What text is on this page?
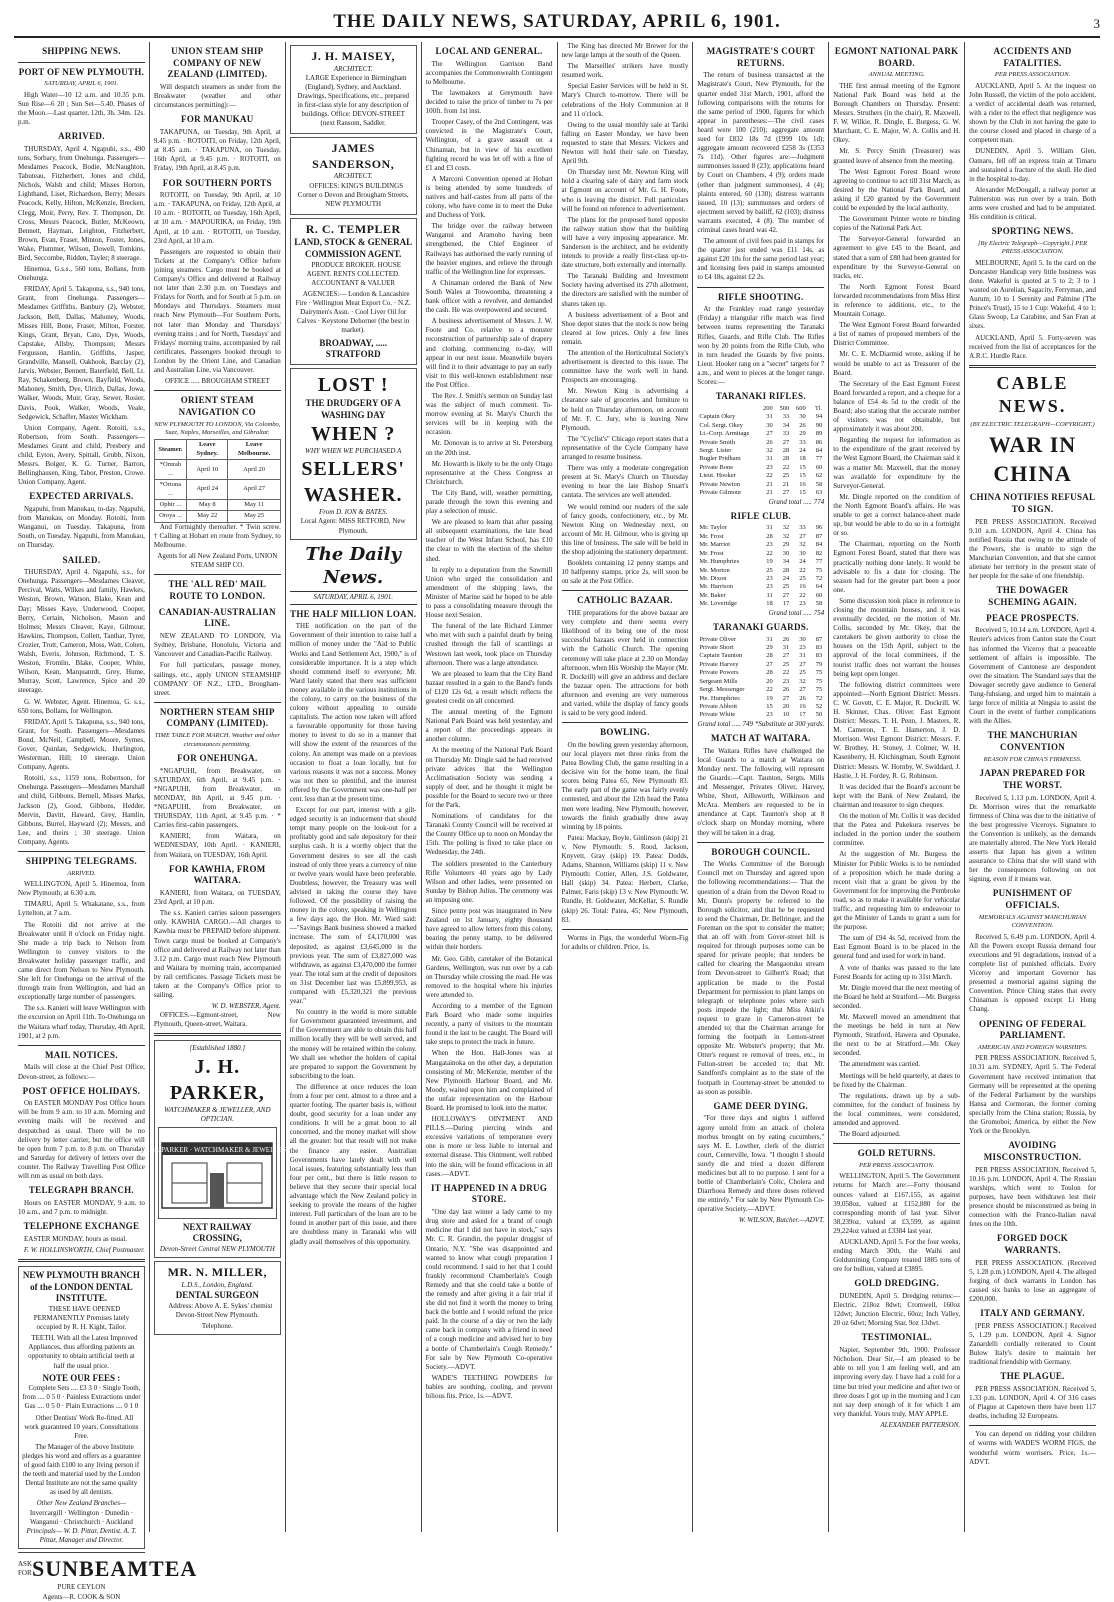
THE DAILY NEWS, SATURDAY, APRIL 6, 1901.	3
SHIPPING NEWS.
PORT OF NEW PLYMOUTH.
SATURDAY, APRIL 6, 1901.

High Water—10 12 a.m. and 10.35 p.m. Sun Rise—6 20 ; Sun Set—5.40. Phases of the Moon.—Last quarter, 12th, 3h. 34m. 12s. p.m.

ARRIVED.

THURSDAY, April 4. Ngapuhi, s.s., 490 tons, Sorbary, from Onehunga. Passengers—Mesdames Peacock, Bodie, McNaughton, Tabuteau, Fitzherbert, Jones and child, Nichols, Walsh and child; Misses Horton, Lighthand, Liset, Richardson, Berry; Messrs Peacock, Kelly, Hilton, McKenzie, Brecken, Clegg, Moir, Perry, Rev. T. Thompson, Dr. Cross, Messrs Peacock, Butler, McKeown, Bennett, Hayman, Leighton, Fitzherbert, Brown, Evan, Fraser, Minton, Foster, Jones, Wake, Plummer, Wilson, Dowell, Tomkins, Bird, Seccombe, Ridden, Tayler; 8 steerage.

Hinemoa, G.s.s., 560 tons, Bollans, from Onehunga.

FRIDAY, April 5. Takapuna, s.s., 940 tons, Grant, from Onehunga. Passengers—Mesdames Griffiths, Banbury (2), Webster, Jackson, Bell, Dallas, Mahoney, Woods, Misses Hill, Bone, Fraser, Milton, Forster, Kings, Grant, Bryan, Cato, Dye, Woods, Capstake, Allsby, Thompson; Messrs Fergusson, Hamlin, Griffiths, Jasper, Grandville, Mansell, Oakhook, Barclay (2), Jarvis, Webster, Bennett, Baterfield, Bell, Lt. Ray, Schakenberg, Brown, Bayfield, Woods, Mahoney, Smith, Dye, Ulrich, Dallas, Jowa, Walker, Woods, Muir, Gray, Sewer, Rosier, Davis, Pook, Walker, Woods, Veale, Sedgewick, Schaffer, Master Wickham.

Union Company, Agent. Rotoiti, s.s., Robertson, from South. Passengers—Mesdames Grant and child, Presbery and child, Eyton, Avery, Spittall, Grubb, Nixon, Messrs. Bolger, K. G. Turner, Barron, Bellinghausen, King, Tabor, Preston, Crowe. Union Company, Agent.

EXPECTED ARRIVALS.

Ngapuhi, from Manukau, to-day. Ngapuhi, from Manukau, on Monday. Rotoiti, from Wanganui, on Tuesday. Takapuna, from South, on Tuesday. Ngapuhi, from Manukau, on Thursday.

SAILED.

THURSDAY, April 4. Ngapuhi, s.s., for Onehunga. Passengers—Mesdames Cleaver, Percival, Watts, Wilkes and family, Hawkes, Weston, Brown, Watson, Blake, Kean and Day; Misses Kaye, Underwood, Cooper, Berry, Certain, Nicholson, Mason and Holmes; Messrs Cleaver, Kaye, Gilmour, Hawkins, Thompson, Collett, Tanthar, Tyrer, Crozier, Trott, Cameron, Moss, Watt, Cohen, Walsh, Everis, Johnson, Richmond, T. S. Weston, Fromlin, Blake, Cooper, White, Wilson, Kean, Marquanrdt, Grey, Hume, Murray, Scott, Lawrence, Spice and 20 steerage.

G. W. Webster, Agent. Hinemoa, G. s.s., 650 tons, Bollans, for Wellington.

FRIDAY, April 5. Takapuna, s.s., 940 tons, Grant, for South. Passengers—Mesdames Bond, McNeil, Campbell, Moore, Symes, Gover, Quinlan, Sedgewick, Hurlington, Westerman, Hill; 10 steerage. Union Company, Agents.

Rotoiti, s.s., 1159 tons, Robertson, for Onehunga. Passengers—Mesdames Marshall and child, Gibbons, Bernell, Misses Marks, Jackson (2), Good, Gibbons, Hedder, Mervin, Davitt, Haward, Grey, Hamlin, Gibbons, Burrel, Hayward (2); Messrs, and Lee, and theirs ; 30 steerage. Union Company, Agents.

SHIPPING TELEGRAMS.
ARRIVED.

WELLINGTON, April 5. Hinemoa, from New Plymouth, at 6.30 a.m.

TIMARU, April 5. Whakatane, s.s., from Lyttelton, at 7 a.m.

The Rotoiti did not arrive at the Breakwater until 8 o'clock on Friday night. She made a trip back to Nelson from Wellington to convey visitors to the Breakwater holiday passenger traffic, and came direct from Nelson to New Plymouth. She left for Onehunga on the arrival of the through train from Wellington, and had an exceptionally large number of passengers.

The s.s. Kanieri will leave Wellington with the excursion on April 11th. To-Onehunga on the Waitara wharf today, Thursday, 4th April, 1901, at 2 p.m.

MAIL NOTICES.

Mails will close at the Chief Post Office, Devon-street, as follows:—

POST OFFICE HOLIDAYS.

On EASTER MONDAY Post Office hours will be from 9 a.m. to 10 a.m. Morning and evening mails will be received and despatched as usual. There will be no delivery by letter carrier, but the office will be open from 7 p.m. to 8 p.m. on Thursday and Saturday for delivery of letters over the counter. The Railway Travelling Post Office will run as usual on both days.

TELEGRAPH BRANCH.

Hours on EASTER MONDAY, 9 a.m. to 10 a.m., and 7 p.m. to midnight.

TELEPHONE EXCHANGE

EASTER MONDAY, hours as usual.

F. W. HOLLINSWORTH, Chief Postmaster.
NEW PLYMOUTH BRANCH of the LONDON DENTAL INSTITUTE.

THESE HAVE OPENED PERMANENTLY Premises lately occupied by R. H. Kight, Tailor.

TEETH. With all the Latest Improved Appliances, thus affording patients an opportunity to obtain artificial teeth at half the usual price.

NOTE OUR FEES :

Complete Sets .... £3 3 0 · Single Tooth, from .... 0 5 0 · Painless Extractions under Gas .... 0 5 0 · Plain Extractions .... 0 1 0

Other Dentists' Work Re-fitted. All work guaranteed 10 years. Consultations Free.

The Manager of the above Institute pledges his word and offers as a guarantee of good faith £100 to any living person if the teeth and material used by the London Dental Institute are not the same quality as used by all dentists.

Other New Zealand Branches—
Invercargill · Wellington · Dunedin · Wanganui · Christchurch · Auckland
Principals— W. D. Pittar, Dentist. A. T. Pittar, Manager and Director.
ASK FOR SUNBEAM TEA
PURE CEYLON
Agents—R. COOK & SON
UNION STEAM SHIP COMPANY OF NEW ZEALAND (LIMITED).

Will despatch steamers as under from the Breakwater (weather and other circumstances permitting):—

FOR MANUKAU

TAKAPUNA, on Tuesday, 9th April, at 9.45 p.m. · ROTOITI, on Friday, 12th April, at 8.45 a.m. · TAKAPUNA, on Tuesday, 16th April, at 9.45 p.m. · ROTOITI, on Friday, 19th April, at 8.45 p.m.

FOR SOUTHERN PORTS

ROTOITI, on Tuesday, 9th April, at 10 a.m. · TAKAPUNA, on Friday, 12th April, at 10 a.m. · ROTOITI, on Tuesday, 16th April, at 10 a.m. · MAPOURIKA, on Friday, 19th April, at 10 a.m. · ROTOITI, on Tuesday, 23rd April, at 10 a.m.

Passengers are requested to obtain their Tickets at the Company's Office before joining steamers. Cargo must be booked at Company's Office and delivered at Railway not later than 2.30 p.m. on Tuesdays and Fridays for North, and for South at 5 p.m. on Mondays and Thursdays. Steamers must reach New Plymouth—For Southern Ports, not later than Monday and Thursdays' evening trains ; and for North, Tuesdays' and Fridays' morning trains, accompanied by rail certificates. Passengers booked through to London by the Orient Line, and Canadian and Australian Line, via Vancouver.

OFFICE ..... BROUGHAM STREET
ORIENT STEAM NAVIGATION CO
NEW PLYMOUTH TO LONDON, Via Colombo, Suez, Naples, Marseilles, and Gibraltar.
Steamer.	Leave Sydney.	Leave Melbourne.
*Omrah ...	April 10	April 20
*Ortona ...	April 24	April 27
Ophir ...	May 8	May 11
Oroya ...	May 22	May 25

And Fortnightly thereafter. * Twin screw. † Calling at Hobart en route from Sydney, to Melbourne.

Agents for all New Zealand Ports, UNION STEAM SHIP CO.
THE 'ALL RED' MAIL ROUTE TO LONDON.
CANADIAN-AUSTRALIAN LINE.

NEW ZEALAND TO LONDON, Via Sydney, Brisbane, Honolulu, Victoria and Vancouver and Canadian-Pacific Railway.

For full particulars, passage money, sailings, etc., apply UNION STEAMSHIP COMPANY OF N.Z., LTD., Brougham-street.

NORTHERN STEAM SHIP COMPANY (LIMITED).
TIME TABLE FOR MARCH. Weather and other circumstances permitting.
FOR ONEHUNGA.

*NGAPUHI, from Breakwater, on SATURDAY, 6th April, at 9.45 p.m. · *NGAPUHI, from Breakwater, on MONDAY, 8th April, at 9.45 p.m. · *NGAPUHI, from Breakwater, on THURSDAY, 11th April, at 9.45 p.m. · * Carries first-cabin passengers.

KANIERI, from Waitara, on WEDNESDAY, 10th April. · KANIERI, from Waitara, on TUESDAY, 16th April.

FOR KAWHIA, FROM WAITARA.

KANIERI, from Waitara, on TUESDAY, 23rd April, at 10 p.m.

The s.s. Kanieri carries saloon passengers only. KAWHIA CARGO.—All charges to Kawhia must be PREPAID before shipment. Town cargo must be booked at Company's office and delivered at Railway not later than 3.12 p.m. Cargo must reach New Plymouth and Waitara by morning train, accompanied by rail certificates. Passage Tickets must be taken at the Company's Office prior to sailing.

W. D. WEBSTER, Agent.

OFFICES.—Egmont-street, New Plymouth, Queen-street, Waitara.

[Established 1880.]
J. H. PARKER,
WATCHMAKER & JEWELLER, AND OPTICIAN.
J. H. PARKER · WATCHMAKER & JEWELLER
NEXT RAILWAY CROSSING,
Devon-Street Central NEW PLYMOUTH
MR. N. MILLER,
L.D.S., London, England.
DENTAL SURGEON

Address: Above A. E. Sykes' chemist Devon-Street New Plymouth.

Telephone.
J. H. MAISEY,
ARCHITECT.

LARGE Experience in Birmingham (England), Sydney, and Auckland. Drawings, Specifications, etc., prepared in first-class style for any description of buildings. Office: DEVON-STREET (next Ransom, Saddler.

JAMES SANDERSON,
ARCHITECT.

OFFICES: KING'S BUILDINGS Corner o Devon and Brougham Streets, NEW PLYMOUTH

R. C. TEMPLER
LAND, STOCK & GENERAL COMMISSION AGENT.

PRODUCE BROKER. HOUSE AGENT. RENTS COLLECTED. ACCOUNTANT & VALUER

AGENCIES:— London & Lancashire Fire · Wellington Meat Export Co. · N.Z. Dairymen's Assn. · Cool Liver Oil for Calves · Keystone Dehorner (the best in market).

BROADWAY, ..... STRATFORD
LOST !
THE DRUDGERY OF A WASHING DAY
WHEN ?
WHY WHEN WE PURCHASED A
SELLERS'
WASHER.
From D. ION & BATES.
Local Agent: MISS RETFORD, New Plymouth.
The Daily News.
SATURDAY, APRIL 6, 1901.
THE HALF MILLION LOAN.

THE notification on the part of the Government of their intention to raise half a million of money under the "Aid to Public Works and Land Settlement Act, 1900," is of considerable importance. It is a step which should commend itself to everyone; Mr. Ward lately stated that there was sufficient money available in the various institutions in the colony, to carry on the business of the colony without appealing to outside capitalists. The action now taken will afford a favourable opportunity for those having money to invest to do so in a manner that will show the extent of the resources of the colony. An attempt was made on a previous occasion to float a loan locally, but for various reasons it was not a success. Money was not then so plentiful, and the interest offered by the Government was one-half per cent. less than at the present time.

Except for our part, interest with a gilt-edged security is an inducement that should tempt many people on the look-out for a profitably good and safe depository for their surplus cash. It is a worthy object that the Government desires to see all the cash instead of only three years a currency of nine or twelve years would have been preferable. Doubtless, however, the Treasury was well advised in taking the course they have followed. Of the possibility of raising the money in the colony, speaking in Wellington a few days ago, the Hon. Mr. Ward said:—"Savings Bank business showed a marked increase. The sum of £4,170,000 was deposited, as against £3,645,000 in the previous year. The sum of £3,827,000 was withdrawn, as against £3,470,000 the former year. The total sum at the credit of depositors on 31st December last was £5,899,953, as compared with £5,320,321 the previous year."

No country in the world is more suitable for Government guaranteed investment, and if the Government are able to obtain this half million locally they will be well served, and the money will be retained within the colony. We shall see whether the holders of capital are prepared to support the Government by subscribing to the loan.

The difference at once reduces the loan from a four per cent. almost to a three and a quarter footing. The quarter basis is, without doubt, good security for a loan under any conditions. It will be a great boon to all concerned, and the money market will show all the greater: but that result will not make the finance any easier. Australian Governments have lately dealt with well local issues, featuring substantially less than four per cent., but there is little reason to believe that they secure their special local advantage which the New Zealand policy in seeking to provide the means of the higher interest. Full particulars of the loan are to be found in another part of this issue, and there are doubtless many in Taranaki who will gladly avail themselves of this opportunity.

LOCAL AND GENERAL.

The Wellington Garrison Band accompanies the Commonwealth Contingent to Melbourne.

The lawmakers at Greymouth have decided to raise the price of timber to 7s per 100ft. from 1st inst.

Trooper Casey, of the 2nd Contingent, was convicted in the Magistrate's Court, Wellington, of a grave assault on a Chinaman, but in view of his excellent fighting record he was let off with a fine of £1 and £3 costs.

A Marconi Convention opened at Hobart is being attended by some hundreds of natives and half-castes from all parts of the colony, who have come in to meet the Duke and Duchess of York.

The bridge over the railway between Wanganui and Aramoho having been strengthened, the Chief Engineer of Railways has authorised the early running of the heavier engines, and relieve the through traffic of the Wellington line for expresses.

A Chinaman ordered the Bank of New South Wales at Toowoomba, threatening a bank officer with a revolver, and demanded the cash. He was overpowered and secured.

A business advertisement of Messrs. J. W. Foote and Co. relative to a monster reconstruction of partnership sale of drapery and clothing, commencing to-day, will appear in our next issue. Meanwhile buyers will find it to their advantage to pay an early visit to this well-known establishment near the Post Office.

The Rev. J. Smith's sermon on Sunday last was the subject of much comment. To-morrow evening at St. Mary's Church the services will be in keeping with the occasion.

Mr. Donovan is to arrive at St. Petersburg on the 20th inst.

Mr. Howarth is likely to be the only Otago representative at the Chess Congress at Christchurch.

The City Band, will, weather permitting, parade through the town this evening and play a selection of music.

We are pleased to learn that after passing all subsequent examinations, the late head teacher of the West Infant School, has £10 the clear to with the election of the shelter shed.

In reply to a deputation from the Sawmill Union who urged the consolidation and amendment of the shipping laws, the Minister of Marine said he hoped to be able to pass a consolidating measure through the House next Session.

The funeral of the late Richard Limmer who met with such a painful death by being crushed through the fall of scantlings at Westown last week, took place on Thursday afternoon. There was a large attendance.

We are pleased to learn that the City Band bazaar resulted in a gain to the Band's funds of £120 12s 6d, a result which reflects the greatest credit on all concerned.

The annual meeting of the Egmont National Park Board was held yesterday, and a report of the proceedings appears in another column.

At the meeting of the National Park Board on Thursday Mr. Dingle said he had received private advices that the Wellington Acclimatisation Society was sending a supply of deer, and he thought it might be possible for the Board to secure two or three for the Park.

Nominations of candidates for the Taranaki County Council will be received at the County Office up to noon on Monday the 15th. The polling is fixed to take place on Wednesday, the 24th.

The soldiers presented to the Canterbury Rifle Volunteers 40 years ago by Lady Wilson and other ladies, were presented on Sunday by Bishop Julius. The ceremony was an imposing one.

Since penny post was inaugurated in New Zealand on 1st January, eighty thousand have agreed to allow letters from this colony, bearing the penny stamp, to be delivered within their borders.

Mr. Geo. Gibb, caretaker of the Botanical Gardens, Wellington, was run over by a cab on Thursday while crossing the road. He was removed to the hospital where his injuries were attended to.

According to a member of the Egmont Park Board who made some inquiries recently, a party of visitors to the mountain found it the last to be caught. The Board will take steps to protect the track in future.

When the Hon. Hall-Jones was at Mangatainoka on the other day, a deputation consisting of Mr. McKenzie, member of the New Plymouth Harbour Board, and Mr. Moody, waited upon him and complained of the unfair representation on the Harbour Board. He promised to look into the matter.

HOLLOWAY'S OINTMENT AND PILLS.—During piercing winds and excessive variations of temperature every one is more or less liable to internal and external disease. This Ointment, well rubbed into the skin, will be found efficacious in all cases.—ADVT.

IT HAPPENED IN A DRUG STORE.

"One day last winter a lady came to my drug store and asked for a brand of cough medicine that I did not have in stock," says Mr. C. R. Grandin, the popular druggist of Ontario, N.Y. "She was disappointed and wanted to know what cough preparation I could recommend. I said to her that I could frankly recommend Chamberlain's Cough Remedy and that she could take a bottle of the remedy and after giving it a fair trial if she did not find it worth the money to bring back the bottle and I would refund the price paid. In the course of a day or two the lady came back in company with a friend in need of a cough medicine and advised her to buy a bottle of Chamberlain's Cough Remedy." For sale by New Plymouth Co-operative Society.—ADVT.

WADE'S TEETHING POWDERS for babies are soothing, cooling, and prevent bilious fits. Price, 1s.—ADVT.

The King has directed Mr Brewer for the new large lamps at the south of the Queen.

The Marseilles' strikers have mostly resumed work.

Special Easter Services will be held in St. Mary's Church to-morrow. There will be celebrations of the Holy Communion at 8 and 11 o'clock.

Owing to the usual monthly sale at Tariki falling on Easter Monday, we have been requested to state that Messrs. Vickers and Newton will hold their sale on Tuesday, April 9th.

On Thursday next Mr. Newton King will hold a clearing sale of dairy and farm stock at Egmont on account of Mr. G. H. Foote, who is leaving the district. Full particulars will be found on reference to advertisement.

The plans for the proposed hotel opposite the railway station show that the building will have a very imposing appearance. Mr. Sanderson is the architect, and he evidently intends to provide a really first-class up-to-date structure, both externally and internally.

The Taranaki Building and Investment Society having advertised its 27th allotment, the directors are satisfied with the number of shares taken up.

A business advertisement of a Boot and Shoe depot states that the stock is now being cleared at low prices. Only a few lines remain.

The attention of the Horticultural Society's advertisement is directed to this issue. The committee have the work well in hand. Prospects are encouraging.

Mr. Newton King is advertising a clearance sale of groceries and furniture to be held on Thursday afternoon, on account of Mr. F. C. Jury, who is leaving New Plymouth.

The "Cyclist's" Chicago report states that a representative of the Cycle Company have arranged to resume business.

There was only a moderate congregation present at St. Mary's Church on Thursday evening to hear the late Bishop Stuart's cantata. The services are well attended.

We would remind our readers of the sale of fancy goods, confectionery, etc., by Mr. Newton King on Wednesday next, on account of Mr. H. Gilmour, who is giving up this line of business. The sale will be held in the shop adjoining the stationery department.

Booklets containing 12 penny stamps and 10 halfpenny stamps, price 2s, will soon be on sale at the Post Office.

CATHOLIC BAZAAR.

THE preparations for the above bazaar are very complete and there seems every likelihood of its being one of the most successful bazaars ever held in connection with the Catholic Church. The opening ceremony will take place at 2.30 on Monday afternoon, when His Worship the Mayor (Mr. R. Dockrill) will give an address and declare the bazaar open. The attractions for both afternoon and evening are very numerous and varied, while the display of fancy goods is said to be very good indeed.

BOWLING.

On the bowling green yesterday afternoon, our local players met three rinks from the Patea Bowling Club, the game resulting in a decisive win for the home team, the final scores being Patea 65, New Plymouth 83. The early part of the game was fairly evenly contested, and about the 12th head the Patea men were leading. New Plymouth, however, towards the finish gradually drew away winning by 18 points.

Patea: Mackay, Boyle, Ginlinson (skip) 21 v. New Plymouth: S. Rood, Jackson, Knyvett, Gray (skip) 19. Patea: Dodds, Adams, Shannon, Williams (skip) 11 v. New Plymouth: Cottier, Allen, J.S. Goldwater, Hall (skip) 34. Patea: Herbert, Clarke, Palmer, Faris (skip) 13 v. New Plymouth: W. Rundle, H. Goldwater, McKellar, S. Rundle (skip) 26. Total: Patea, 45; New Plymouth, 83.

Worms in Pigs, the wonderful Worm-Fig for adults or children. Price, 1s.

MAGISTRATE'S COURT RETURNS.

The return of business transacted at the Magistrate's Court, New Plymouth, for the quarter ended 31st March, 1901, afford the following comparisons with the returns for the same period of 1900, figures for which appear in parentheses:—The civil cases heard were 100 (210); aggregate amount sued for £832 18s 7d (£999 10s 1d); aggregate amount recovered £258 3s (£353 7s 11d). Other figures are:—Judgment summonses issued 8 (23); applications heard by Court on Chambers, 4 (9); orders made (other than judgment summonses), 4 (4); plaints entered, 60 (130); distress warrants issued, 10 (13); summonses and orders of ejectment served by bailiff, 62 (103); distress warrants executed, 4 (8). The number of criminal cases heard was 42.

The amount of civil fees paid in stamps for the quarter just ended was £11 14s, as against £20 10s for the same period last year; and licensing fees paid in stamps amounted to £4 18s, against £2 2s.

RIFLE SHOOTING.

At the Frankley road range yesterday (Friday) a triangular rifle match was fired between teams representing the Taranaki Rifles, Guards, and Rifle Club. The Rifles won by 20 points from the Rifle Club, who in turn headed the Guards by five points. Lieut. Hooker rang on a "secret" targets for 7 a.m., and went to pieces at the longer range. Scores:—

TARANAKI RIFLES.
	200	500	600	Tl.
Captain Okey	31	33	30	94
Col. Sergt. Okey	30	34	26	90
Lt.-Corp. Armitage	27	33	29	89
Private Smith	26	27	33	86
Sergt. Lister	32	28	24	84
Bugler Pridham	31	28	18	77
Private Bone	23	22	15	60
Lieut. Hooker	22	25	15	62
Private Newton	21	21	16	58
Private Gilmour	21	27	15	63
Grand total ..... 774
RIFLE CLUB.
Mr. Taylor	31	32	33	96
Mr. Frost	28	32	27	87
Mr. Marriot	23	29	32	84
Mr. Frost	22	30	30	82
Mr. Humphries	19	34	24	77
Mr. Morton	25	28	22	75
Mr. Dixon	23	24	25	72
Mr. Harrison	23	25	16	64
Mr. Baker	11	27	22	60
Mr. Loveridge	18	17	23	58
Grand total ..... 754
TARANAKI GUARDS.
Private Oliver	31	26	30	87
Private Short	29	31	23	83
Captain Taunton	28	27	31	83
Private Harvey	27	25	27	79
Private Powers	28	22	25	75
Sergeant Mills	20	23	32	75
Sergt. Messenger	22	26	27	75
Pte. Humphries	19	27	26	72
Private Abbott	15	20	16	52
Private White	23	10	17	50
Grand total ..... 749 *Substitute at 300 yards.
MATCH AT WAITARA.

The Waitara Rifles have challenged the local Guards to a match at Waitara on Monday next. The following will represent the Guards:—Capt. Taunton, Sergts. Mills and Messenger, Privates Oliver, Harvey, White, Short, Aillsworth, Wilkinson and McAra. Members are requested to be in attendance at Capt. Taunton's shop at 8 o'clock sharp on Monday morning, where they will be taken in a drag.

BOROUGH COUNCIL.

The Works Committee of the Borough Council met on Thursday and agreed upon the following recommendations:— That the question of a drain from the Devon Road to Mr. Dunn's property be referred to the Borough solicitor, and that he be requested to send the Chairman, Dr. Bellringer, and the Foreman on the spot to consider the matter; that an off with from Gover-street hill is required for through purposes some can be spared for private people; that tenders be called for clearing the Mangaotuku stream from Devon-street to Gilbert's Road; that application be made to the Postal Department for permission to plant lamps on telegraph or telephone poles where such posts impede the light; that Miss Atkin's request to graze in Cameron-street be attended to; that the Chairman arrange for forming the footpath in Lemon-street opposite Mr. Webster's property; that Mr. Otter's request re removal of trees, etc., in Fulton-street be acceded to; that Mr. Sandford's complaint as to the state of the footpath in Courtenay-street be attended to as soon as possible.

GAME DEER DYING.

"For three days and nights I suffered agony untold from an attack of cholera morbus brought on by eating cucumbers," says M. E. Lowther, clerk of the district court, Centerville, Iowa. "I thought I should surely die and tried a dozen different medicines but all to no purpose. I sent for a bottle of Chamberlain's Colic, Cholera and Diarrhoea Remedy and three doses relieved me entirely." For sale by New Plymouth Co-operative Society.—ADVT.

W. WILSON, Butcher.—ADVT.
EGMONT NATIONAL PARK BOARD.
ANNUAL MEETING.

THE first annual meeting of the Egmont National Park Board was held at the Borough Chambers on Thursday. Present: Messrs. Struthers (in the chair), R. Maxwell, F. W. Wilkie, R. Dingle, E. Burgess, G. W. Marchant, C. E. Major, W. A. Collis and H. Okey.

Mr. S. Percy Smith (Treasurer) was granted leave of absence from the meeting.

The West Egmont Forest Board wrote agreeing to continue to act till 31st March, as desired by the National Park Board, and asking if £20 granted by the Government could be expended by the local authority.

The Government Printer wrote re binding copies of the National Park Act.

The Surveyor-General forwarded an agreement to give £45 to the Board, and stated that a sum of £80 had been granted for expenditure by the Surveyor-General on tracks, etc.

The North Egmont Forest Board forwarded recommendations from Miss Hirst in reference to additions, etc., to the Mountain Cottage.

The West Egmont Forest Board forwarded a list of names of proposed members of the District Committee.

Mr. C. E. McDiarmid wrote, asking if he would be unable to act as Treasurer of the Board.

The Secretary of the East Egmont Forest Board forwarded a report, and a cheque for a balance of £54 4s 5d to the credit of the Board; also stating that the accurate number of visitors was not obtainable, but approximately it was about 200.

Regarding the request for information as to the expenditure of the grant received by the West Egmont Board, the Chairman said it was a matter Mr. Maxwell, that the money was available for expenditure by the Surveyor-General.

Mr. Dingle reported on the condition of the North Egmont Board's affairs. He was unable to get a correct balance-sheet made up, but would be able to do so in a fortnight or so.

The Chairman, reporting on the North Egmont Forest Board, stated that there was practically nothing done lately. It would be advisable to fix a date for closing. The season had for the greater part been a poor one.

Some discussion took place in reference to closing the mountain houses, and it was eventually decided, on the motion of Mr. Collis, seconded by Mr. Okey, that the caretakers be given authority to close the houses on the 15th April, subject to the approval of the local committees, if the tourist traffic does not warrant the houses being kept open longer.

The following district committees were appointed:—North Egmont District: Messrs. C. W. Govett, C. E. Major, R. Dockrill, W. H. Skinner, Chas. Oliver. East Egmont District: Messrs. T. H. Penn, J. Masters, R. M. Cameron, T. E. Hamerton, J. D. Morrison. West Egmont District: Messrs. F. W. Brothey, H. Stoney, J. Colmer, W. H. Kasenberry, H. Kitchingman, South Egmont District: Messrs. W. Hornby, W. Swiddard, J. Hastie, J. H. Fordey, R. G. Robinson.

It was decided that the Board's account be kept with the Bank of New Zealand, the chairman and treasurer to sign cheques.

On the motion of Mr. Collis it was decided that the Patea and Pukekura reserves be included in the portion under the southern committee.

At the suggestion of Mr. Burgess the Minister for Public Works is to be reminded of a proposition which he made during a recent visit that a grant be given by the Government for for improving the Pembroke road, so as to make it available for vehicular traffic, and requesting him to endeavour to get the Minister of Lands to grant a sum for the purpose.

The sum of £94 4s 5d, received from the East Egmont Board is to be placed in the general fund and used for work in hand.

A vote of thanks was passed to the late Forest Boards for acting up to 31st March.

Mr. Dingle moved that the next meeting of the Board be held at Stratford.—Mr. Burgess seconded.

Mr. Maxwell moved an amendment that the meetings be held in turn at New Plymouth, Stratford, Hawera and Opunake, the next to be at Stratford.—Mr. Okey seconded.

The amendment was carried.

Meetings will be held quarterly, at dates to be fixed by the Chairman.

The regulations, drawn up by a sub-committee, for the conduct of business by the local committees, were considered, amended and approved.

The Board adjourned.

GOLD RETURNS.
PER PRESS ASSOCIATION.

WELLINGTON, April 5. The Government returns for March are:—Forty thousand ounces valued at £167,155, as against 39,058oz, valued at £152,880 for the corresponding month of last year. Silver 38,239oz, valued at £3,599, as against 29,224oz valued at £3384 last year.

AUCKLAND, April 5. For the four weeks, ending March 30th, the Waihi and Goldsmining Company treated 1885 tons of ore for bullion, valued at £3895.

GOLD DREDGING.

DUNEDIN, April 5. Dredging returns:—Electric, 218oz 8dwt; Cromwell, 160oz 12dwt; Junction Electric, 60oz; Inch Valley, 20 oz 6dwt; Morning Star, 9oz 13dwt.

TESTIMONIAL.

Napier, September 9th, 1900. Professor Nicholson. Dear Sir,—I am pleased to be able to tell you I am feeling well, and am improving every day. I have had a cold for a time but tried your medicine and after two or three doses I got up in the morning and I can not say deep enough of it for which I am very thankful. Yours truly, MAY APPLE.

ALEXANDER PATTERSON.
ACCIDENTS AND FATALITIES.
PER PRESS ASSOCIATION.

AUCKLAND, April 5. At the inquest on John Russell, the victim of the polo accident, a verdict of accidental death was returned, with a rider to the effect that negligence was shown by the Club in not having the gate to the course closed and placed in charge of a competent man.

DUNEDIN, April 5. William Glen, Oamaru, fell off an express train at Timaru and sustained a fracture of the skull. He died in the hospital to-day.

Alexander McDougall, a railway porter at Palmerston was run over by a train. Both arms were crushed and had to be amputated. His condition is critical.

SPORTING NEWS.
[By Electric Telegraph—Copyright.] PER PRESS ASSOCIATION.

MELBOURNE, April 5. In the card on the Doncaster Handicap very little business was done. Wakeful is quoted at 5 to 2; 3 to 1 wanted on Aurelian, Sagacity, Ferryman, and Aurum; 10 to 1 Serenity and Palmine (The Prince's Trust), 15 to 1 Cup: Wakeful, 4 to 1; Glass Swoop, La Carabine, and San Fran at sixes.

AUCKLAND, April 5. Forty-seven was received from the list of acceptances for the A.R.C. Hurdle Race.

CABLE NEWS.
(BY ELECTRIC TELEGRAPH—COPYRIGHT.)
WAR IN CHINA
CHINA NOTIFIES REFUSAL TO SIGN.

PER PRESS ASSOCIATION. Received 9.10 a.m. LONDON, April 4. China has notified Russia that owing to the attitude of the Powers, she is unable to sign the Manchurian Convention, and that she cannot alienate her territory in the present state of her people for the sake of one friendship.

THE DOWAGER SCHEMING AGAIN.
PEACE PROSPECTS.

Received 5, 10.14 a.m. LONDON, April 4. Reuter's advices from Canton state the Court has informed the Viceroy that a peaceable settlement of affairs is impossible. The Government of Cantonese are despondent over the situation. The Standard says that the Dowager secretly gave audience to General Tung-fuhsiang, and urged him to maintain a large force of militia at Ningsia to assist the Court in the event of further complications with the Allies.

THE MANCHURIAN CONVENTION
REASON FOR CHINA'S FIRMNESS.
JAPAN PREPARED FOR THE WORST.

Received 5, 1.13 p.m. LONDON, April 4. Dr. Morrison wires that the remarkable firmness of China was due to the initiative of the best progressive Viceroys. Signature to the Convention is unlikely, as the demands are materially altered. The New York Herald asserts that Japan has given a written assurance to China that she will stand with her the consequences following on not signing, even if it means war.

PUNISHMENT OF OFFICIALS.
MEMORIALS AGAINST MANCHURIAN CONVENTION.

Received 5, 6.49 p.m. LONDON, April 4. All the Powers except Russia demand four executions and 91 degradations, instead of a complete list of punished officials. Every Viceroy and important Governor has presented a memorial against signing the Convention. Prince Ching states that every Chinaman is opposed except Li Hung Chang.

OPENING OF FEDERAL PARLIAMENT.
AMERICAN AND FOREIGN WARSHIPS.

PER PRESS ASSOCIATION. Received 5, 10.31 a.m. SYDNEY, April 5. The Federal Government have received intimation that Germany will be represented at the opening of the Federal Parliament by the warships Hansa and Cormoran, the former coming specially from the China station; Russia, by the Gromoboi; America, by either the New York or the Brooklyn.

AVOIDING MISCONSTRUCTION.

PER PRESS ASSOCIATION. Received 5, 10.16 p.m. LONDON, April 4. The Russian warships, which went to Toulon for purposes, have been withdrawn lest their presence should be misconstrued as being in connection with the Franco-Italian naval fetes on the 10th.

FORGED DOCK WARRANTS.

PER PRESS ASSOCIATION. (Received 5, 1.28 p.m.) LONDON, April 4. The alleged forging of dock warrants in London has caused six banks to lose an aggregate of £200,000.

ITALY AND GERMANY.

[PER PRESS ASSOCIATION.] Received 5, 1.29 p.m. LONDON, April 4. Signor Zanardelli cordially reiterated to Count Bulow Italy's desire to maintain her traditional friendship with Germany.

THE PLAGUE.

PER PRESS ASSOCIATION. Received 5, 1.33 p.m. LONDON, April 4. Of 316 cases of Plague at Capetown there have been 117 deaths, including 32 Europeans.

You can depend on ridding your children of worms with WADE'S WORM FIGS, the wonderful worm worrisers. Price, 1s.—ADVT.
